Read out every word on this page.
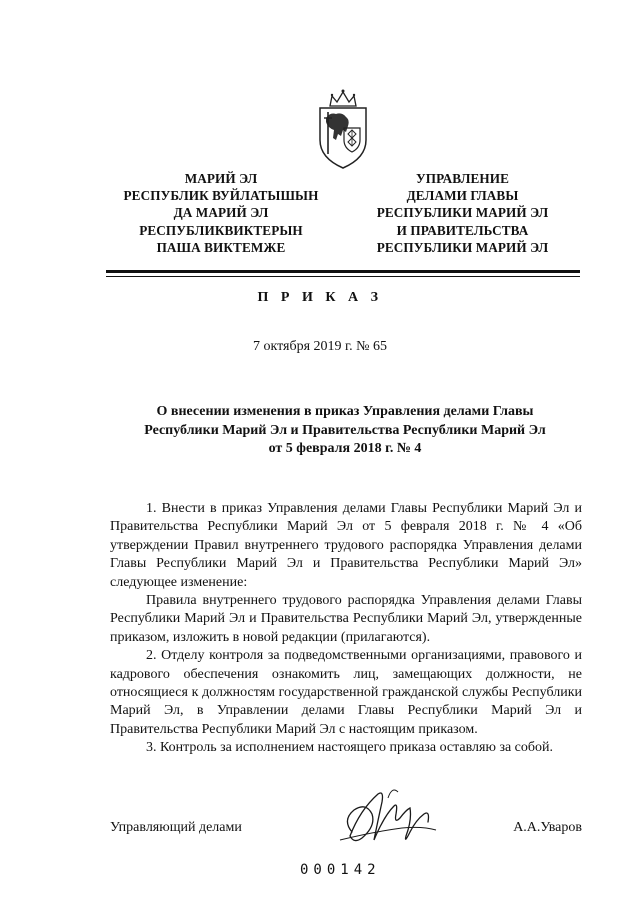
МАРИЙ ЭЛ
РЕСПУБЛИК ВУЙЛАТЫШЫН
ДА МАРИЙ ЭЛ
РЕСПУБЛИКВИКТЕРЫН
ПАША ВИКТЕМЖЕ
УПРАВЛЕНИЕ
ДЕЛАМИ ГЛАВЫ
РЕСПУБЛИКИ МАРИЙ ЭЛ
И ПРАВИТЕЛЬСТВА
РЕСПУБЛИКИ МАРИЙ ЭЛ
П Р И К А З
7 октября 2019 г. № 65
О внесении изменения в приказ Управления делами Главы
Республики Марий Эл и Правительства Республики Марий Эл
от 5 февраля 2018 г. № 4

1. Внести в приказ Управления делами Главы Республики Марий Эл и Правительства Республики Марий Эл от 5 февраля 2018 г. № 4 «Об утверждении Правил внутреннего трудового распорядка Управления делами Главы Республики Марий Эл и Правительства Республики Марий Эл» следующее изменение:

Правила внутреннего трудового распорядка Управления делами Главы Республики Марий Эл и Правительства Республики Марий Эл, утвержденные приказом, изложить в новой редакции (прилагаются).

2. Отделу контроля за подведомственными организациями, правового и кадрового обеспечения ознакомить лиц, замещающих должности, не относящиеся к должностям государственной гражданской службы Республики Марий Эл, в Управлении делами Главы Республики Марий Эл и Правительства Республики Марий Эл с настоящим приказом.

3. Контроль за исполнением настоящего приказа оставляю за собой.

Управляющий делами	А.А.Уваров
000142
